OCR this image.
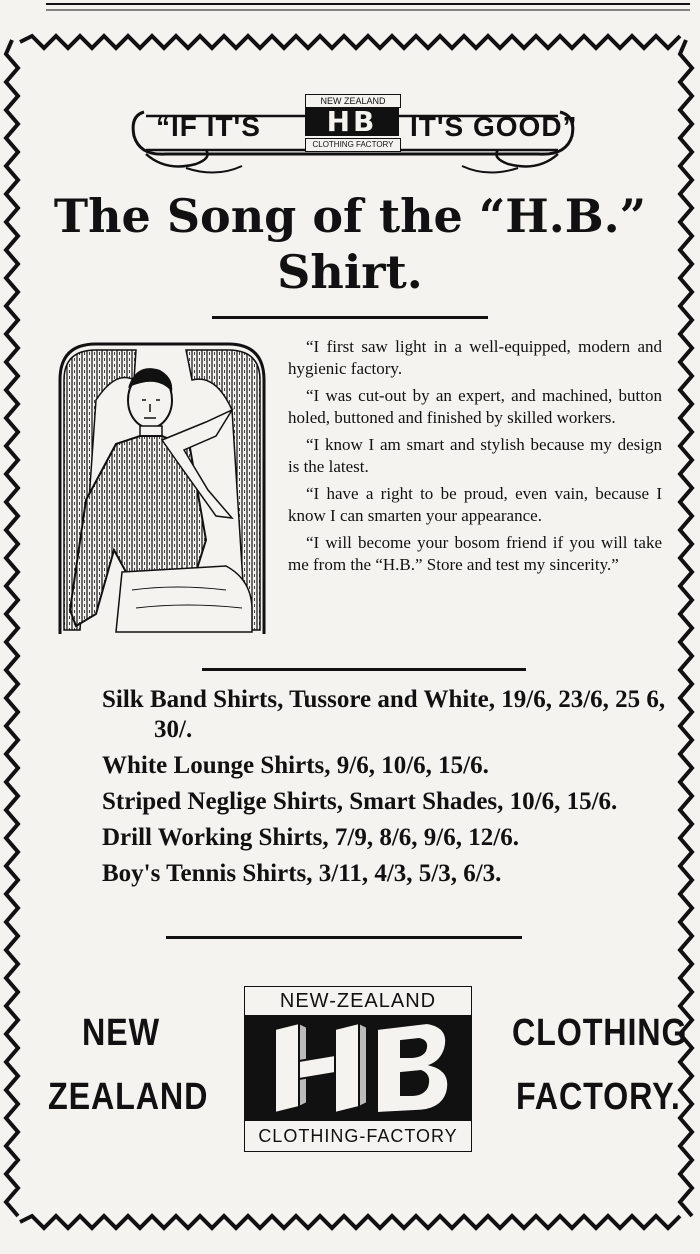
“IF IT'S	IT'S GOOD”
NEW ZEALAND
HB
CLOTHING FACTORY
The Song of the “H.B.”
Shirt.

“I first saw light in a well-equipped, modern and hygienic factory.

“I was cut-out by an expert, and machined, button holed, buttoned and finished by skilled workers.

“I know I am smart and stylish because my design is the latest.

“I have a right to be proud, even vain, because I know I can smarten your appearance.

“I will become your bosom friend if you will take me from the “H.B.” Store and test my sincerity.”

Silk Band Shirts, Tussore and White, 19/6, 23/6, 25 6, 30/.
White Lounge Shirts, 9/6, 10/6, 15/6.
Striped Neglige Shirts, Smart Shades, 10/6, 15/6.
Drill Working Shirts, 7/9, 8/6, 9/6, 12/6.
Boy's Tennis Shirts, 3/11, 4/3, 5/3, 6/3.
NEW
ZEALAND
CLOTHING
FACTORY.
NEW-ZEALAND
CLOTHING-FACTORY
